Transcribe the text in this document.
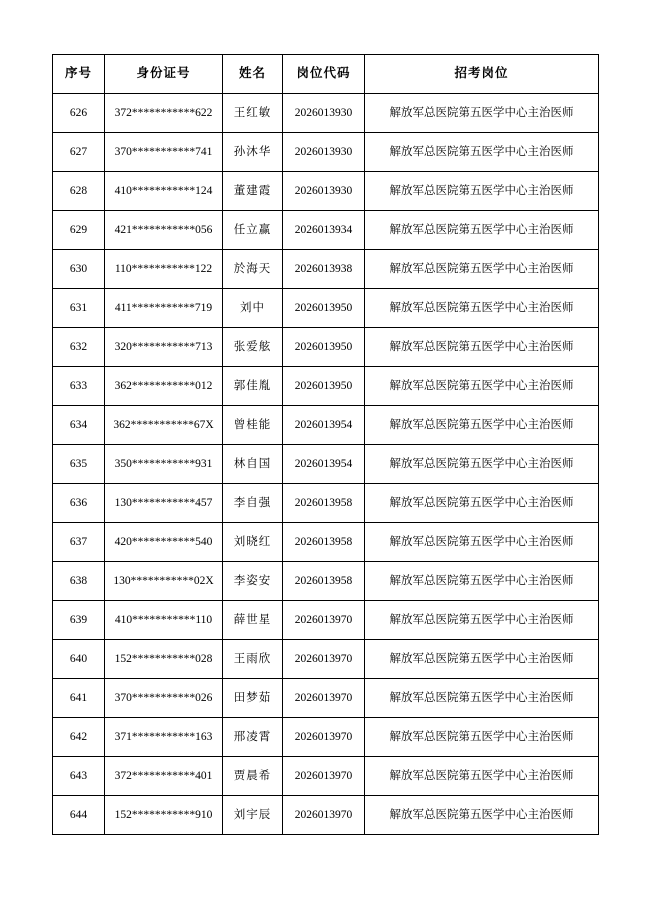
序号	身份证号	姓名	岗位代码	招考岗位
626	372***********622	王红敏	2026013930	解放军总医院第五医学中心主治医师
627	370***********741	孙沐华	2026013930	解放军总医院第五医学中心主治医师
628	410***********124	董建霞	2026013930	解放军总医院第五医学中心主治医师
629	421***********056	任立赢	2026013934	解放军总医院第五医学中心主治医师
630	110***********122	於海天	2026013938	解放军总医院第五医学中心主治医师
631	411***********719	刘中	2026013950	解放军总医院第五医学中心主治医师
632	320***********713	张爱舷	2026013950	解放军总医院第五医学中心主治医师
633	362***********012	郭佳胤	2026013950	解放军总医院第五医学中心主治医师
634	362***********67X	曾桂能	2026013954	解放军总医院第五医学中心主治医师
635	350***********931	林自国	2026013954	解放军总医院第五医学中心主治医师
636	130***********457	李自强	2026013958	解放军总医院第五医学中心主治医师
637	420***********540	刘晓红	2026013958	解放军总医院第五医学中心主治医师
638	130***********02X	李姿安	2026013958	解放军总医院第五医学中心主治医师
639	410***********110	薛世星	2026013970	解放军总医院第五医学中心主治医师
640	152***********028	王雨欣	2026013970	解放军总医院第五医学中心主治医师
641	370***********026	田梦茹	2026013970	解放军总医院第五医学中心主治医师
642	371***********163	邢凌霄	2026013970	解放军总医院第五医学中心主治医师
643	372***********401	贾晨希	2026013970	解放军总医院第五医学中心主治医师
644	152***********910	刘宇辰	2026013970	解放军总医院第五医学中心主治医师
